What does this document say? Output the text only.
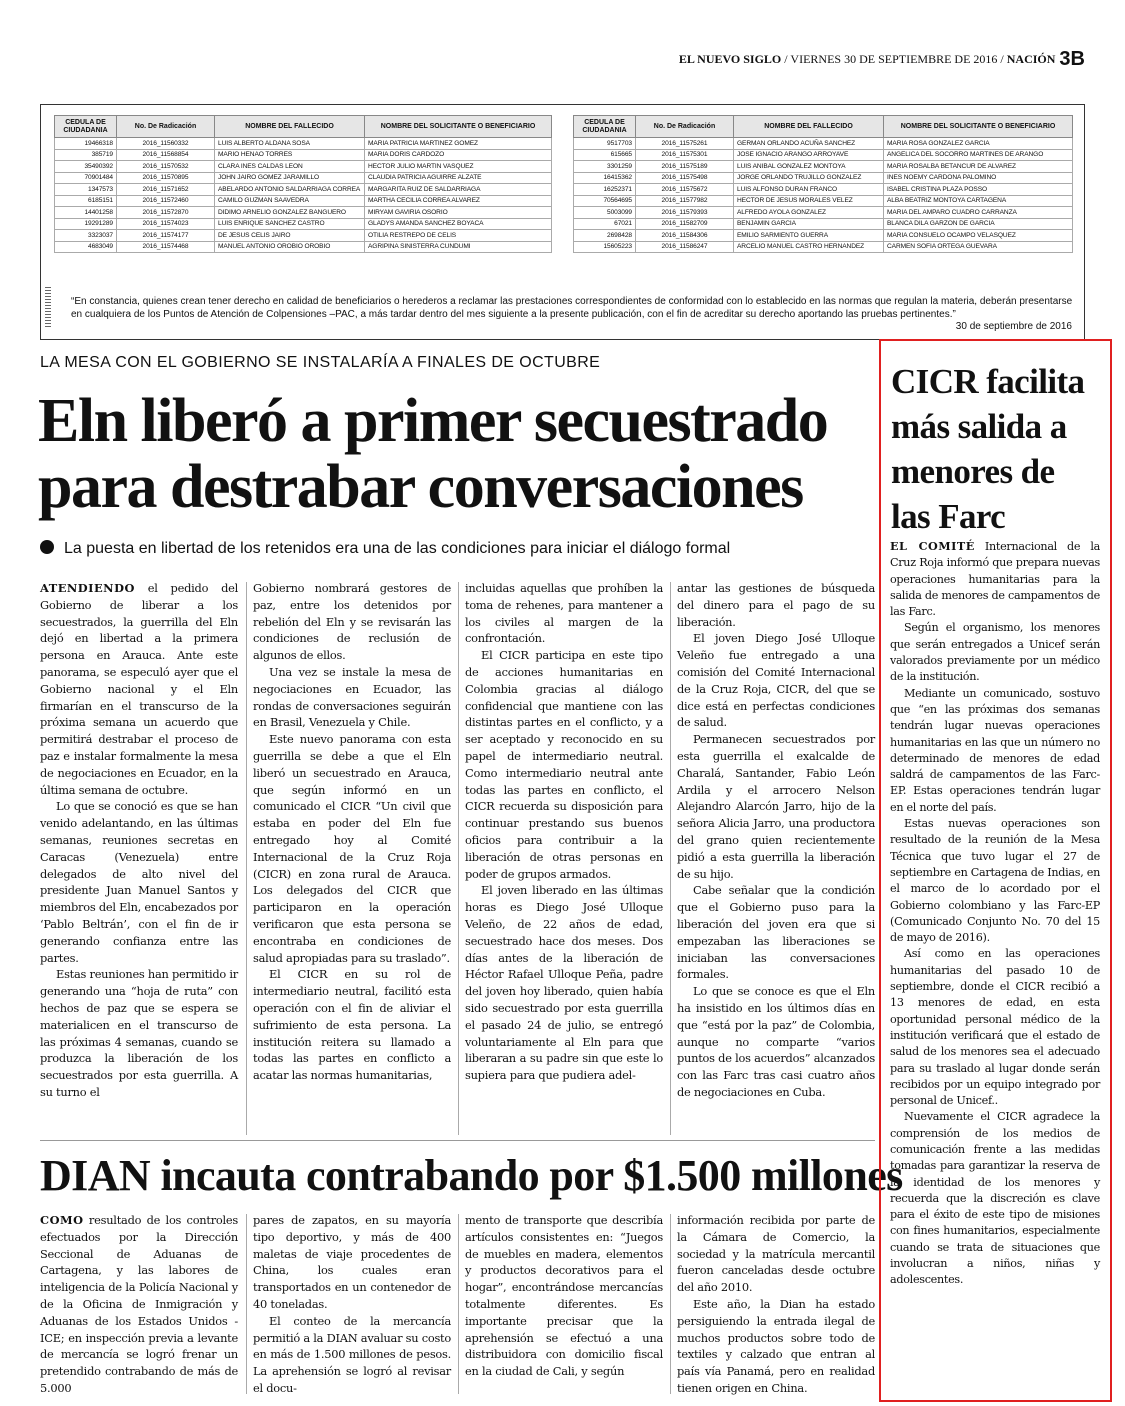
EL NUEVO SIGLO / VIERNES 30 DE SEPTIEMBRE DE 2016 / NACIÓN 3B
CEDULA DE CIUDADANIA	No. De Radicación	NOMBRE DEL FALLECIDO	NOMBRE DEL SOLICITANTE O BENEFICIARIO
19466318	2016_11560332	LUIS ALBERTO ALDANA SOSA	MARIA PATRICIA MARTINEZ GOMEZ
385719	2016_11568854	MARIO HENAO TORRES	MARIA DORIS CARDOZO
35490392	2016_11570532	CLARA INES CALDAS LEON	HECTOR JULIO MARTIN VASQUEZ
70901484	2016_11570895	JOHN JAIRO GOMEZ JARAMILLO	CLAUDIA PATRICIA AGUIRRE ALZATE
1347573	2016_11571652	ABELARDO ANTONIO SALDARRIAGA CORREA	MARGARITA RUIZ DE SALDARRIAGA
6185151	2016_11572460	CAMILO GUZMAN SAAVEDRA	MARTHA CECILIA CORREA ALVAREZ
14401258	2016_11572870	DIDIMO ARNELIO GONZALEZ BANGUERO	MIRYAM GAVIRIA OSORIO
19291289	2016_11574023	LUIS ENRIQUE SANCHEZ CASTRO	GLADYS AMANDA SANCHEZ BOYACA
3323037	2016_11574177	DE JESUS CELIS JAIRO	OTILIA RESTREPO DE CELIS
4683049	2016_11574468	MANUEL ANTONIO OROBIO OROBIO	AGRIPINA SINISTERRA CUNDUMI
CEDULA DE CIUDADANIA	No. De Radicación	NOMBRE DEL FALLECIDO	NOMBRE DEL SOLICITANTE O BENEFICIARIO
9517703	2016_11575261	GERMAN ORLANDO ACUÑA SANCHEZ	MARIA ROSA GONZALEZ GARCIA
615665	2016_11575301	JOSE IGNACIO ARANGO ARROYAVE	ANGELICA DEL SOCORRO MARTINES DE ARANGO
3301259	2016_11575189	LUIS ANIBAL GONZALEZ MONTOYA	MARIA ROSALBA BETANCUR DE ALVAREZ
16415362	2016_11575498	JORGE ORLANDO TRUJILLO GONZALEZ	INES NOEMY CARDONA PALOMINO
16252371	2016_11575672	LUIS ALFONSO DURAN FRANCO	ISABEL CRISTINA PLAZA POSSO
70564695	2016_11577982	HECTOR DE JESUS MORALES VELEZ	ALBA BEATRIZ MONTOYA CARTAGENA
5003099	2016_11579393	ALFREDO AYOLA GONZALEZ	MARIA DEL AMPARO CUADRO CARRANZA
67021	2016_11582709	BENJAMIN GARCIA	BLANCA DILA GARZON DE GARCIA
2698428	2016_11584306	EMILIO SARMIENTO GUERRA	MARIA CONSUELO OCAMPO VELASQUEZ
15605223	2016_11586247	ARCELIO MANUEL CASTRO HERNANDEZ	CARMEN SOFIA ORTEGA GUEVARA
“En constancia, quienes crean tener derecho en calidad de beneficiarios o herederos a reclamar las prestaciones correspondientes de conformidad con lo establecido en las normas que regulan la materia, deberán presentarse en cualquiera de los Puntos de Atención de Colpensiones –PAC, a más tardar dentro del mes siguiente a la presente publicación, con el fin de acreditar su derecho aportando las pruebas pertinentes.”
30 de septiembre de 2016
LA MESA CON EL GOBIERNO SE INSTALARÍA A FINALES DE OCTUBRE
Eln liberó a primer secuestrado para destrabar conversaciones
La puesta en libertad de los retenidos era una de las condiciones para iniciar el diálogo formal

ATENDIENDO el pedido del Gobierno de liberar a los secuestrados, la guerrilla del Eln dejó en libertad a la primera persona en Arauca. Ante este panorama, se especuló ayer que el Gobierno nacional y el Eln firmarían en el transcurso de la próxima semana un acuerdo que permitirá destrabar el proceso de paz e instalar formalmente la mesa de negociaciones en Ecuador, en la última semana de octubre.

Lo que se conoció es que se han venido adelantando, en las últimas semanas, reuniones secretas en Caracas (Venezuela) entre delegados de alto nivel del presidente Juan Manuel Santos y miembros del Eln, encabezados por ‘Pablo Beltrán’, con el fin de ir generando confianza entre las partes.

Estas reuniones han permitido ir generando una “hoja de ruta” con hechos de paz que se espera se materialicen en el transcurso de las próximas 4 semanas, cuando se produzca la liberación de los secuestrados por esta guerrilla. A su turno el

Gobierno nombrará gestores de paz, entre los detenidos por rebelión del Eln y se revisarán las condiciones de reclusión de algunos de ellos.

Una vez se instale la mesa de negociaciones en Ecuador, las rondas de conversaciones seguirán en Brasil, Venezuela y Chile.

Este nuevo panorama con esta guerrilla se debe a que el Eln liberó un secuestrado en Arauca, que según informó en un comunicado el CICR “Un civil que estaba en poder del Eln fue entregado hoy al Comité Internacional de la Cruz Roja (CICR) en zona rural de Arauca. Los delegados del CICR que participaron en la operación verificaron que esta persona se encontraba en condiciones de salud apropiadas para su traslado”.

El CICR en su rol de intermediario neutral, facilitó esta operación con el fin de aliviar el sufrimiento de esta persona. La institución reitera su llamado a todas las partes en conflicto a acatar las normas humanitarias,

incluidas aquellas que prohíben la toma de rehenes, para mantener a los civiles al margen de la confrontación.

El CICR participa en este tipo de acciones humanitarias en Colombia gracias al diálogo confidencial que mantiene con las distintas partes en el conflicto, y a ser aceptado y reconocido en su papel de intermediario neutral. Como intermediario neutral ante todas las partes en conflicto, el CICR recuerda su disposición para continuar prestando sus buenos oficios para contribuir a la liberación de otras personas en poder de grupos armados.

El joven liberado en las últimas horas es Diego José Ulloque Veleño, de 22 años de edad, secuestrado hace dos meses. Dos días antes de la liberación de Héctor Rafael Ulloque Peña, padre del joven hoy liberado, quien había sido secuestrado por esta guerrilla el pasado 24 de julio, se entregó voluntariamente al Eln para que liberaran a su padre sin que este lo supiera para que pudiera adel-

antar las gestiones de búsqueda del dinero para el pago de su liberación.

El joven Diego José Ulloque Veleño fue entregado a una comisión del Comité Internacional de la Cruz Roja, CICR, del que se dice está en perfectas condiciones de salud.

Permanecen secuestrados por esta guerrilla el exalcalde de Charalá, Santander, Fabio León Ardila y el arrocero Nelson Alejandro Alarcón Jarro, hijo de la señora Alicia Jarro, una productora del grano quien recientemente pidió a esta guerrilla la liberación de su hijo.

Cabe señalar que la condición que el Gobierno puso para la liberación del joven era que si empezaban las liberaciones se iniciaban las conversaciones formales.

Lo que se conoce es que el Eln ha insistido en los últimos días en que “está por la paz” de Colombia, aunque no comparte “varios puntos de los acuerdos” alcanzados con las Farc tras casi cuatro años de negociaciones en Cuba.

DIAN incauta contrabando por $1.500 millones

COMO resultado de los controles efectuados por la Dirección Seccional de Aduanas de Cartagena, y las labores de inteligencia de la Policía Nacional y de la Oficina de Inmigración y Aduanas de los Estados Unidos -ICE; en inspección previa a levante de mercancía se logró frenar un pretendido contrabando de más de 5.000

pares de zapatos, en su mayoría tipo deportivo, y más de 400 maletas de viaje procedentes de China, los cuales eran transportados en un contenedor de 40 toneladas.

El conteo de la mercancía permitió a la DIAN avaluar su costo en más de 1.500 millones de pesos. La aprehensión se logró al revisar el docu-

mento de transporte que describía artículos consistentes en: “Juegos de muebles en madera, elementos y productos decorativos para el hogar”, encontrándose mercancías totalmente diferentes. Es importante precisar que la aprehensión se efectuó a una distribuidora con domicilio fiscal en la ciudad de Cali, y según

información recibida por parte de la Cámara de Comercio, la sociedad y la matrícula mercantil fueron canceladas desde octubre del año 2010.

Este año, la Dian ha estado persiguiendo la entrada ilegal de muchos productos sobre todo de textiles y calzado que entran al país vía Panamá, pero en realidad tienen origen en China.

CICR facilita más salida a menores de las Farc

EL COMITÉ Internacional de la Cruz Roja informó que prepara nuevas operaciones humanitarias para la salida de menores de campamentos de las Farc.

Según el organismo, los menores que serán entregados a Unicef serán valorados previamente por un médico de la institución.

Mediante un comunicado, sostuvo que “en las próximas dos semanas tendrán lugar nuevas operaciones humanitarias en las que un número no determinado de menores de edad saldrá de campamentos de las Farc-EP. Estas operaciones tendrán lugar en el norte del país.

Estas nuevas operaciones son resultado de la reunión de la Mesa Técnica que tuvo lugar el 27 de septiembre en Cartagena de Indias, en el marco de lo acordado por el Gobierno colombiano y las Farc-EP (Comunicado Conjunto No. 70 del 15 de mayo de 2016).

Así como en las operaciones humanitarias del pasado 10 de septiembre, donde el CICR recibió a 13 menores de edad, en esta oportunidad personal médico de la institución verificará que el estado de salud de los menores sea el adecuado para su traslado al lugar donde serán recibidos por un equipo integrado por personal de Unicef..

Nuevamente el CICR agradece la comprensión de los medios de comunicación frente a las medidas tomadas para garantizar la reserva de la identidad de los menores y recuerda que la discreción es clave para el éxito de este tipo de misiones con fines humanitarios, especialmente cuando se trata de situaciones que involucran a niños, niñas y adolescentes.
